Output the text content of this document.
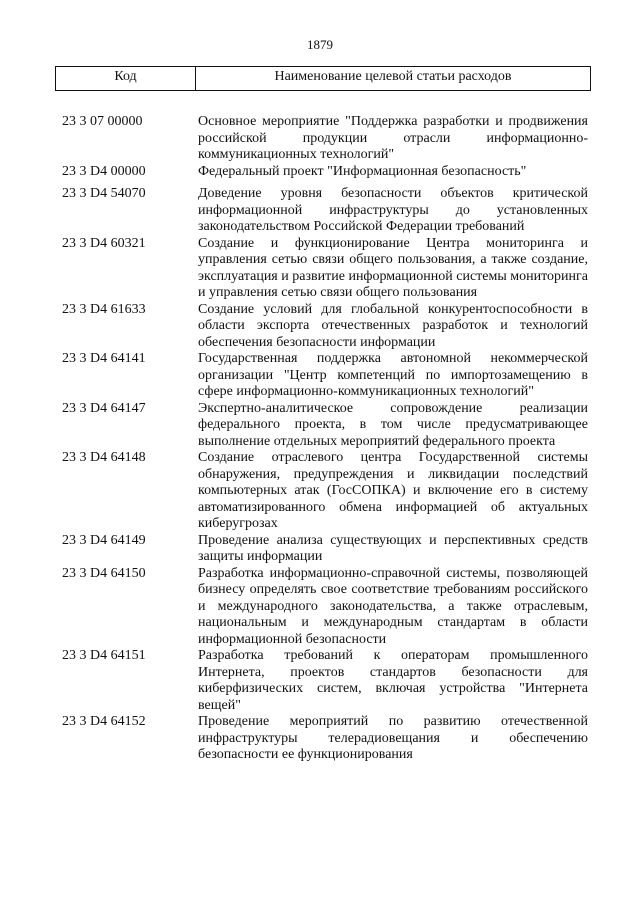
1879
Код	Наименование целевой статьи расходов
23 3 07 00000	Основное мероприятие "Поддержка разработки и продвижения российской продукции отрасли информационно-коммуникационных технологий"
23 3 D4 00000	Федеральный проект "Информационная безопасность"
23 3 D4 54070	Доведение уровня безопасности объектов критической информационной инфраструктуры до установленных законодательством Российской Федерации требований
23 3 D4 60321	Создание и функционирование Центра мониторинга и управления сетью связи общего пользования, а также создание, эксплуатация и развитие информационной системы мониторинга и управления сетью связи общего пользования
23 3 D4 61633	Создание условий для глобальной конкурентоспособности в области экспорта отечественных разработок и технологий обеспечения безопасности информации
23 3 D4 64141	Государственная поддержка автономной некоммерческой организации "Центр компетенций по импортозамещению в сфере информационно-коммуникационных технологий"
23 3 D4 64147	Экспертно-аналитическое сопровождение реализации федерального проекта, в том числе предусматривающее выполнение отдельных мероприятий федерального проекта
23 3 D4 64148	Создание отраслевого центра Государственной системы обнаружения, предупреждения и ликвидации последствий компьютерных атак (ГосСОПКА) и включение его в систему автоматизированного обмена информацией об актуальных киберугрозах
23 3 D4 64149	Проведение анализа существующих и перспективных средств защиты информации
23 3 D4 64150	Разработка информационно-справочной системы, позволяющей бизнесу определять свое соответствие требованиям российского и международного законодательства, а также отраслевым, национальным и международным стандартам в области информационной безопасности
23 3 D4 64151	Разработка требований к операторам промышленного Интернета, проектов стандартов безопасности для киберфизических систем, включая устройства "Интернета вещей"
23 3 D4 64152	Проведение мероприятий по развитию отечественной инфраструктуры телерадиовещания и обеспечению безопасности ее функционирования
